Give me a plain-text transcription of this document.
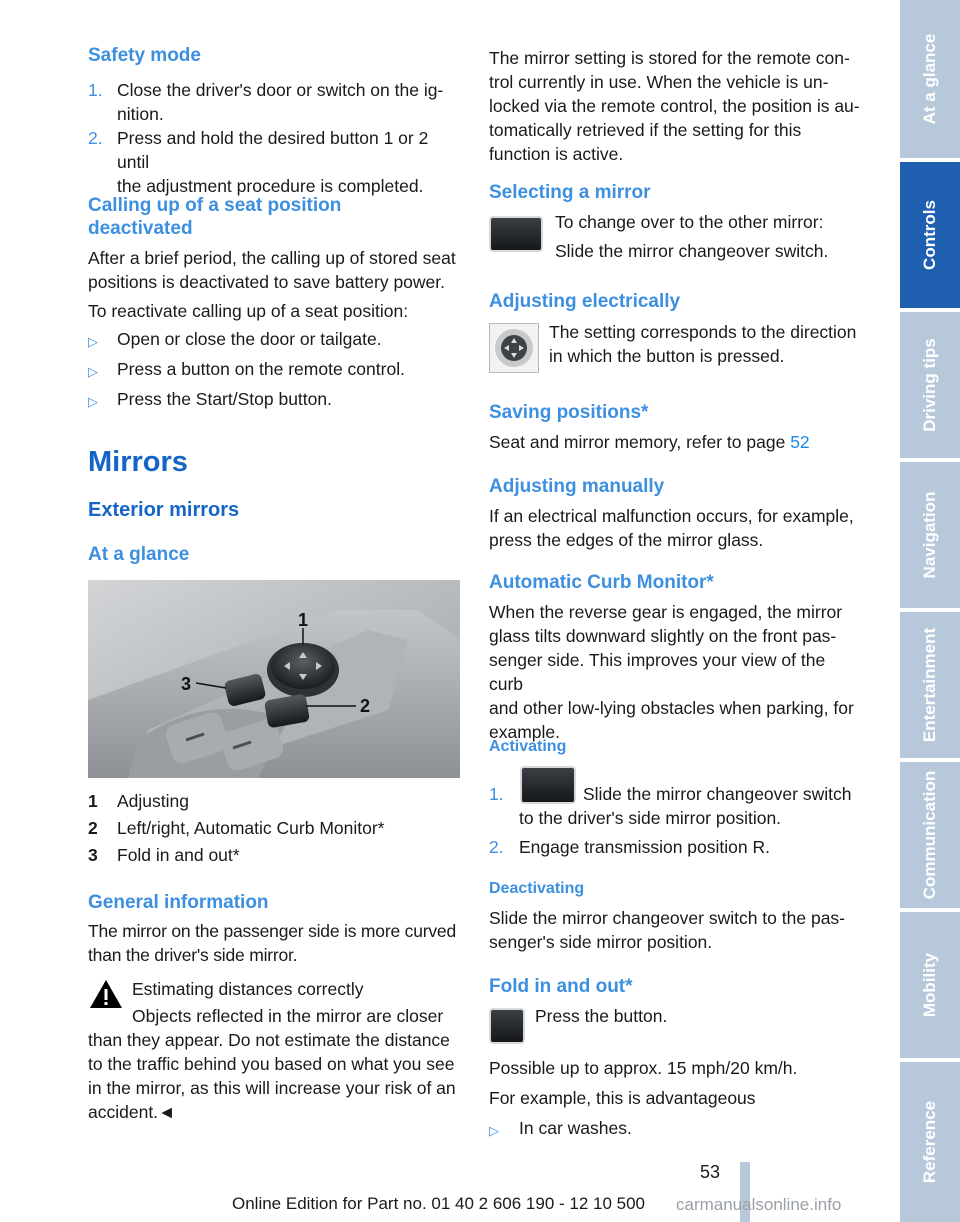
Safety mode
1. Close the driver's door or switch on the ig-
nition.
2. Press and hold the desired button 1 or 2 until
the adjustment procedure is completed.
Calling up of a seat position
deactivated
After a brief period, the calling up of stored seat
positions is deactivated to save battery power.
To reactivate calling up of a seat position:
▷ Open or close the door or tailgate.
▷ Press a button on the remote control.
▷ Press the Start/Stop button.
Mirrors
Exterior mirrors
At a glance
1
2
3
1 Adjusting
2 Left/right, Automatic Curb Monitor*
3 Fold in and out*
General information
The mirror on the passenger side is more curved
than the driver's side mirror.
Estimating distances correctly
Objects reflected in the mirror are closer
than they appear. Do not estimate the distance
to the traffic behind you based on what you see
in the mirror, as this will increase your risk of an
accident.◄
The mirror setting is stored for the remote con-
trol currently in use. When the vehicle is un-
locked via the remote control, the position is au-
tomatically retrieved if the setting for this
function is active.
Selecting a mirror
To change over to the other mirror:
Slide the mirror changeover switch.
Adjusting electrically
The setting corresponds to the direction
in which the button is pressed.
Saving positions*
Seat and mirror memory, refer to page 52
Adjusting manually
If an electrical malfunction occurs, for example,
press the edges of the mirror glass.
Automatic Curb Monitor*
When the reverse gear is engaged, the mirror
glass tilts downward slightly on the front pas-
senger side. This improves your view of the curb
and other low-lying obstacles when parking, for
example.
Activating
1.	Slide the mirror changeover switch
to the driver's side mirror position.
2. Engage transmission position R.
Deactivating
Slide the mirror changeover switch to the pas-
senger's side mirror position.
Fold in and out*
Press the button.
Possible up to approx. 15 mph/20 km/h.
For example, this is advantageous
▷ In car washes.
53
Online Edition for Part no. 01 40 2 606 190 - 12 10 500 carmanualsonline.info
At a glance
Controls
Driving tips
Navigation
Entertainment
Communication
Mobility
Reference
